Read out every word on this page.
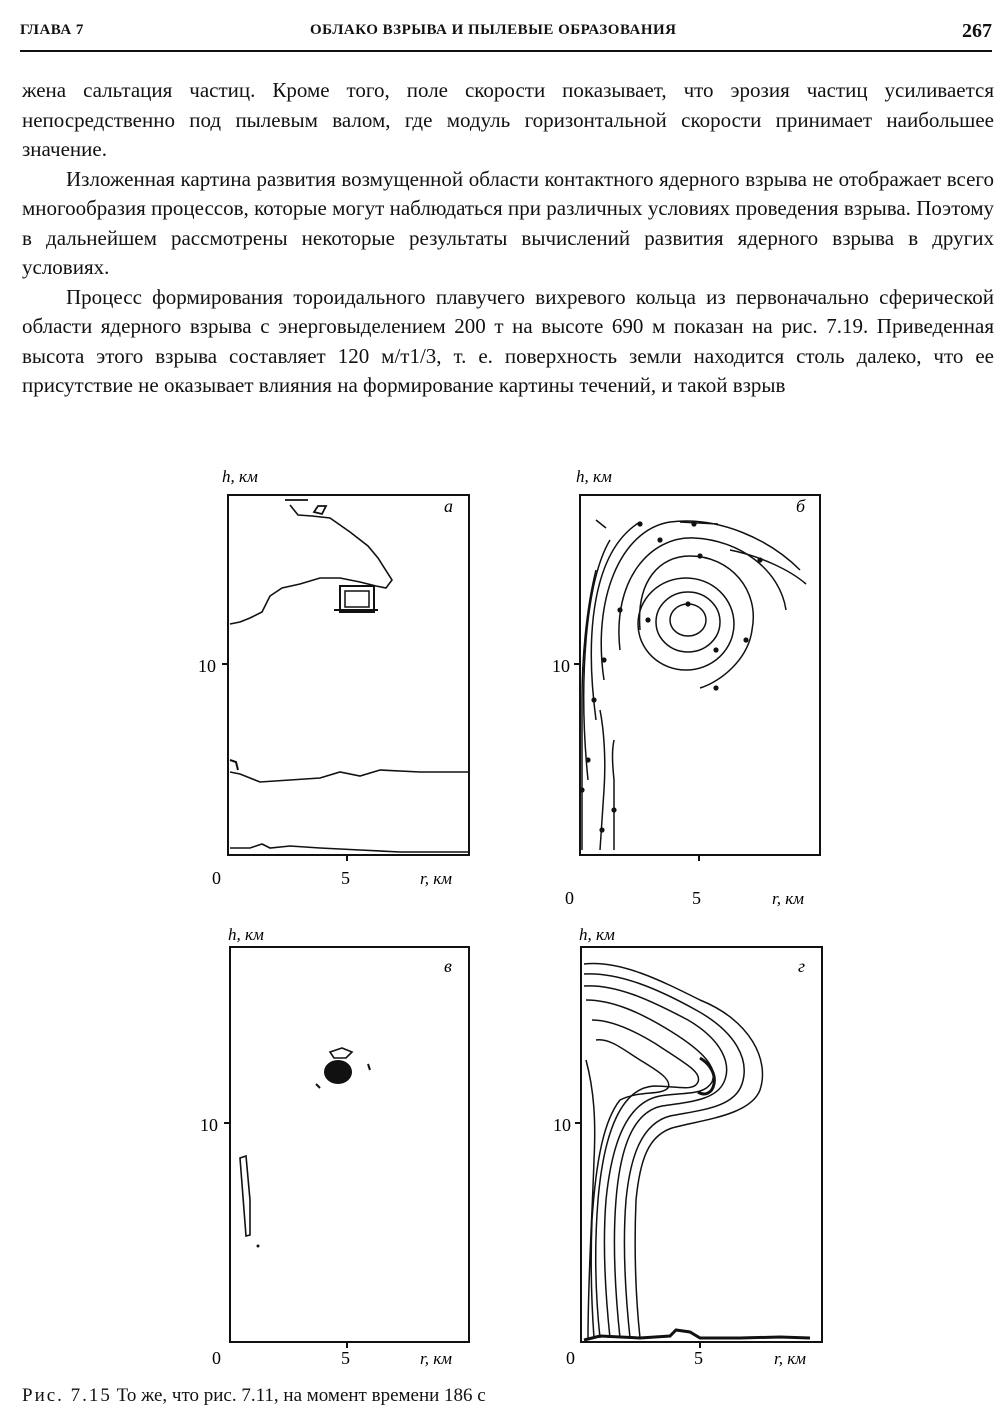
ГЛАВА 7	ОБЛАКО ВЗРЫВА И ПЫЛЕВЫЕ ОБРАЗОВАНИЯ	267

жена сальтация частиц. Кроме того, поле скорости показывает, что эрозия частиц усиливается непосредственно под пылевым валом, где модуль горизонтальной скорости принимает наибольшее значение.

Изложенная картина развития возмущенной области контактного ядерного взрыва не отображает всего многообразия процессов, которые могут наблюдаться при различных условиях проведения взрыва. Поэтому в дальнейшем рассмотрены некоторые результаты вычислений развития ядерного взрыва в других условиях.

Процесс формирования тороидального плавучего вихревого кольца из первоначально сферической области ядерного взрыва с энерговыделением 200 т на высоте 690 м показан на рис. 7.19. Приведенная высота этого взрыва составляет 120 м/т1/3, т. е. поверхность земли находится столь далеко, что ее присутствие не оказывает влияния на формирование картины течений, и такой взрыв

h, км
а
10
0	5	r, км
h, км
б
10
0	5	r, км
h, км
в
10
0	5	r, км
h, км
г
10
0	5	r, км
Рис. 7.15 То же, что рис. 7.11, на момент времени 186 с
